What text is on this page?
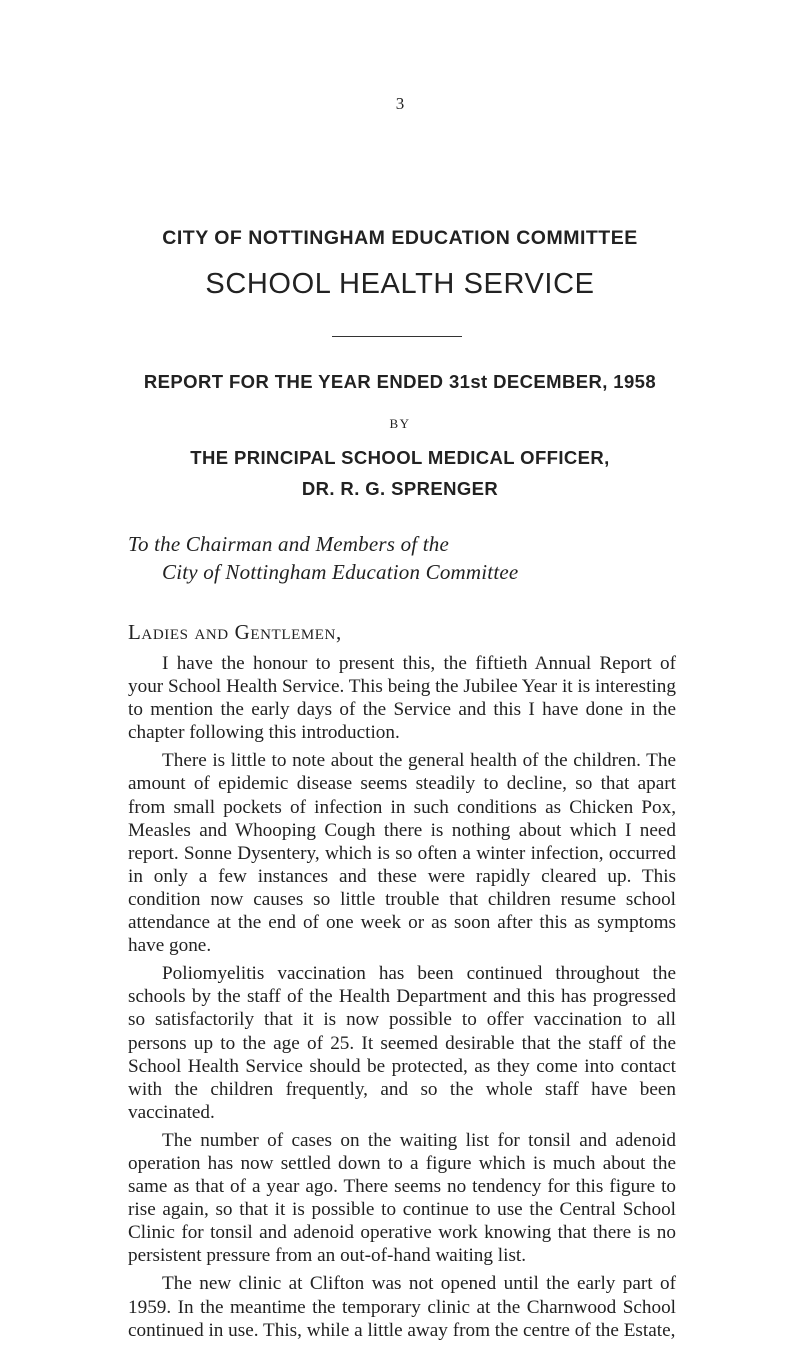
3
CITY OF NOTTINGHAM EDUCATION COMMITTEE
SCHOOL HEALTH SERVICE
REPORT FOR THE YEAR ENDED 31st DECEMBER, 1958
BY
THE PRINCIPAL SCHOOL MEDICAL OFFICER,
DR. R. G. SPRENGER
To the Chairman and Members of the
City of Nottingham Education Committee
Ladies and Gentlemen,

I have the honour to present this, the fiftieth Annual Report of your School Health Service. This being the Jubilee Year it is interesting to mention the early days of the Service and this I have done in the chapter following this introduction.

There is little to note about the general health of the children. The amount of epidemic disease seems steadily to decline, so that apart from small pockets of infection in such conditions as Chicken Pox, Measles and Whooping Cough there is nothing about which I need report. Sonne Dysentery, which is so often a winter infection, occurred in only a few instances and these were rapidly cleared up. This condition now causes so little trouble that children resume school attendance at the end of one week or as soon after this as symptoms have gone.

Poliomyelitis vaccination has been continued throughout the schools by the staff of the Health Department and this has progressed so satisfactorily that it is now possible to offer vaccination to all persons up to the age of 25. It seemed desirable that the staff of the School Health Service should be protected, as they come into contact with the children frequently, and so the whole staff have been vaccinated.

The number of cases on the waiting list for tonsil and adenoid operation has now settled down to a figure which is much about the same as that of a year ago. There seems no tendency for this figure to rise again, so that it is possible to continue to use the Central School Clinic for tonsil and adenoid operative work knowing that there is no persistent pressure from an out-of-hand waiting list.

The new clinic at Clifton was not opened until the early part of 1959. In the meantime the temporary clinic at the Charnwood School continued in use. This, while a little away from the centre of the Estate,
